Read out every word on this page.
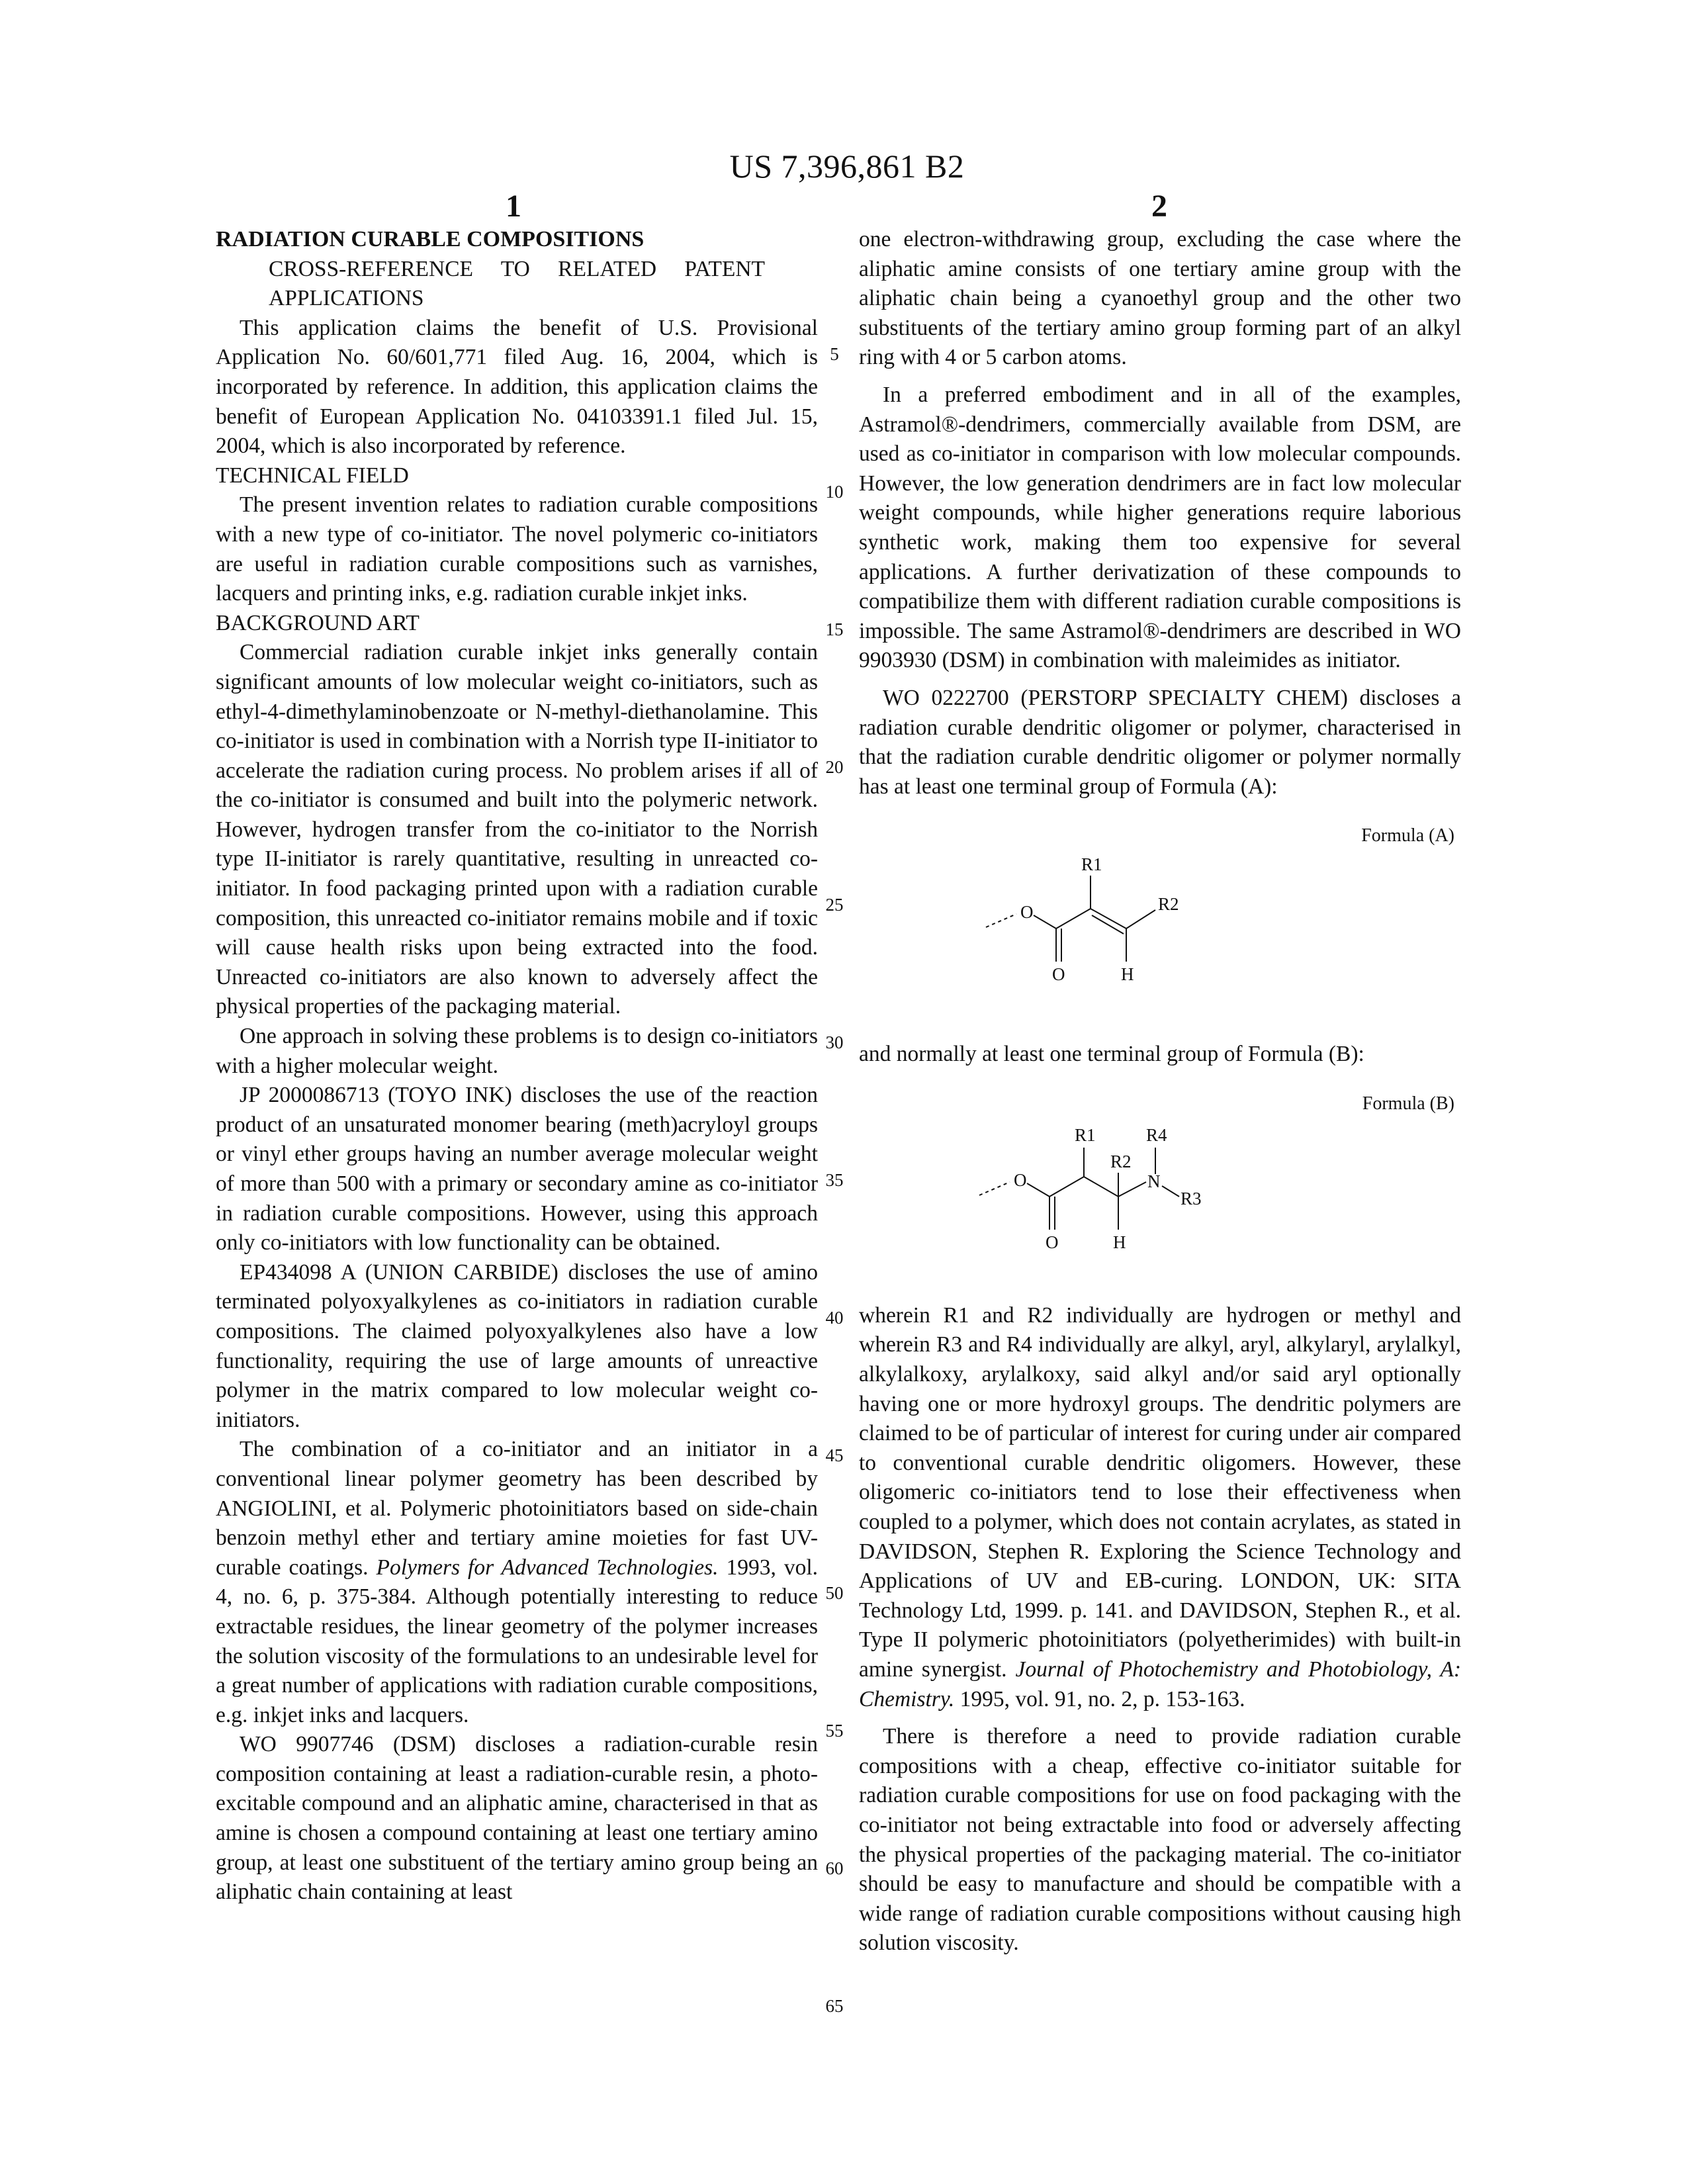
US 7,396,861 B2
1	2

RADIATION CURABLE COMPOSITIONS

CROSS-REFERENCE TO RELATED PATENT APPLICATIONS

This application claims the benefit of U.S. Provisional Application No. 60/601,771 filed Aug. 16, 2004, which is incorporated by reference. In addition, this application claims the benefit of European Application No. 04103391.1 filed Jul. 15, 2004, which is also incorporated by reference.

TECHNICAL FIELD

The present invention relates to radiation curable compositions with a new type of co-initiator. The novel polymeric co-initiators are useful in radiation curable compositions such as varnishes, lacquers and printing inks, e.g. radiation curable inkjet inks.

BACKGROUND ART

Commercial radiation curable inkjet inks generally contain significant amounts of low molecular weight co-initiators, such as ethyl-4-dimethylaminobenzoate or N-methyl-diethanolamine. This co-initiator is used in combination with a Norrish type II-initiator to accelerate the radiation curing process. No problem arises if all of the co-initiator is consumed and built into the polymeric network. However, hydrogen transfer from the co-initiator to the Norrish type II-initiator is rarely quantitative, resulting in unreacted co-initiator. In food packaging printed upon with a radiation curable composition, this unreacted co-initiator remains mobile and if toxic will cause health risks upon being extracted into the food. Unreacted co-initiators are also known to adversely affect the physical properties of the packaging material.

One approach in solving these problems is to design co-initiators with a higher molecular weight.

JP 2000086713 (TOYO INK) discloses the use of the reaction product of an unsaturated monomer bearing (meth)acryloyl groups or vinyl ether groups having an number average molecular weight of more than 500 with a primary or secondary amine as co-initiator in radiation curable compositions. However, using this approach only co-initiators with low functionality can be obtained.

EP434098 A (UNION CARBIDE) discloses the use of amino terminated polyoxyalkylenes as co-initiators in radiation curable compositions. The claimed polyoxyalkylenes also have a low functionality, requiring the use of large amounts of unreactive polymer in the matrix compared to low molecular weight co-initiators.

The combination of a co-initiator and an initiator in a conventional linear polymer geometry has been described by ANGIOLINI, et al. Polymeric photoinitiators based on side-chain benzoin methyl ether and tertiary amine moieties for fast UV-curable coatings. Polymers for Advanced Technologies. 1993, vol. 4, no. 6, p. 375-384. Although potentially interesting to reduce extractable residues, the linear geometry of the polymer increases the solution viscosity of the formulations to an undesirable level for a great number of applications with radiation curable compositions, e.g. inkjet inks and lacquers.

WO 9907746 (DSM) discloses a radiation-curable resin composition containing at least a radiation-curable resin, a photo-excitable compound and an aliphatic amine, characterised in that as amine is chosen a compound containing at least one tertiary amino group, at least one substituent of the tertiary amino group being an aliphatic chain containing at least

5
10
15
20
25
30
35
40
45
50
55
60
65

one electron-withdrawing group, excluding the case where the aliphatic amine consists of one tertiary amine group with the aliphatic chain being a cyanoethyl group and the other two substituents of the tertiary amino group forming part of an alkyl ring with 4 or 5 carbon atoms.

In a preferred embodiment and in all of the examples, Astramol®-dendrimers, commercially available from DSM, are used as co-initiator in comparison with low molecular compounds. However, the low generation dendrimers are in fact low molecular weight compounds, while higher generations require laborious synthetic work, making them too expensive for several applications. A further derivatization of these compounds to compatibilize them with different radiation curable compositions is impossible. The same Astramol®-dendrimers are described in WO 9903930 (DSM) in combination with maleimides as initiator.

WO 0222700 (PERSTORP SPECIALTY CHEM) discloses a radiation curable dendritic oligomer or polymer, characterised in that the radiation curable dendritic oligomer or polymer normally has at least one terminal group of Formula (A):

Formula (A)
O
O
R1
R2
H

and normally at least one terminal group of Formula (B):

Formula (B)
O
O
R1
R2
H
N
R4
R3

wherein R1 and R2 individually are hydrogen or methyl and wherein R3 and R4 individually are alkyl, aryl, alkylaryl, arylalkyl, alkylalkoxy, arylalkoxy, said alkyl and/or said aryl optionally having one or more hydroxyl groups. The dendritic polymers are claimed to be of particular of interest for curing under air compared to conventional curable dendritic oligomers. However, these oligomeric co-initiators tend to lose their effectiveness when coupled to a polymer, which does not contain acrylates, as stated in DAVIDSON, Stephen R. Exploring the Science Technology and Applications of UV and EB-curing. LONDON, UK: SITA Technology Ltd, 1999. p. 141. and DAVIDSON, Stephen R., et al. Type II polymeric photoinitiators (polyetherimides) with built-in amine synergist. Journal of Photochemistry and Photobiology, A: Chemistry. 1995, vol. 91, no. 2, p. 153-163.

There is therefore a need to provide radiation curable compositions with a cheap, effective co-initiator suitable for radiation curable compositions for use on food packaging with the co-initiator not being extractable into food or adversely affecting the physical properties of the packaging material. The co-initiator should be easy to manufacture and should be compatible with a wide range of radiation curable compositions without causing high solution viscosity.
